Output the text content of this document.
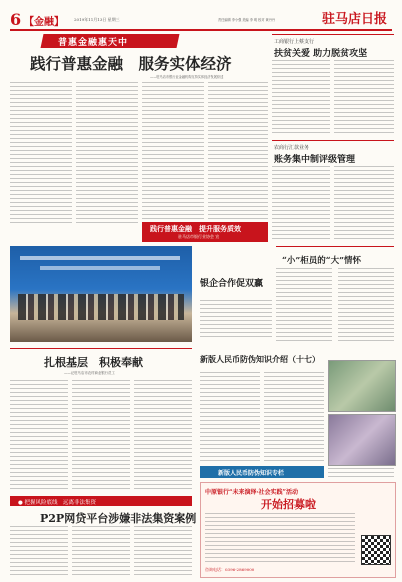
6 【金融】	2019年11月13日 星期三	责任编辑 李小强 美编 李 明 校对 黄丹丹	驻马店日报
普惠金融惠天中
践行普惠金融　服务实体经济
——驻马店市银行业金融机构支持实体经济发展综述
践行普惠金融　提升服务质效
驻马店市银行业协会 宣
工商银行上蔡支行
扶贫关爱 助力脱贫攻坚
农商行汇款业务
账务集中制评级管理
银企合作促双赢
“小”柜员的“大”情怀
扎根基层　积极奉献
——记驻马店市农村商业银行员工
新版人民币防伪知识介绍（十七）
新版人民币防伪知识专栏
● 把握风险底线　远离非法集资
P2P网贷平台涉嫌非法集资案例
中原银行“未来演绎·社会实践”活动
开始招募啦
咨询电话：0396-2869000
